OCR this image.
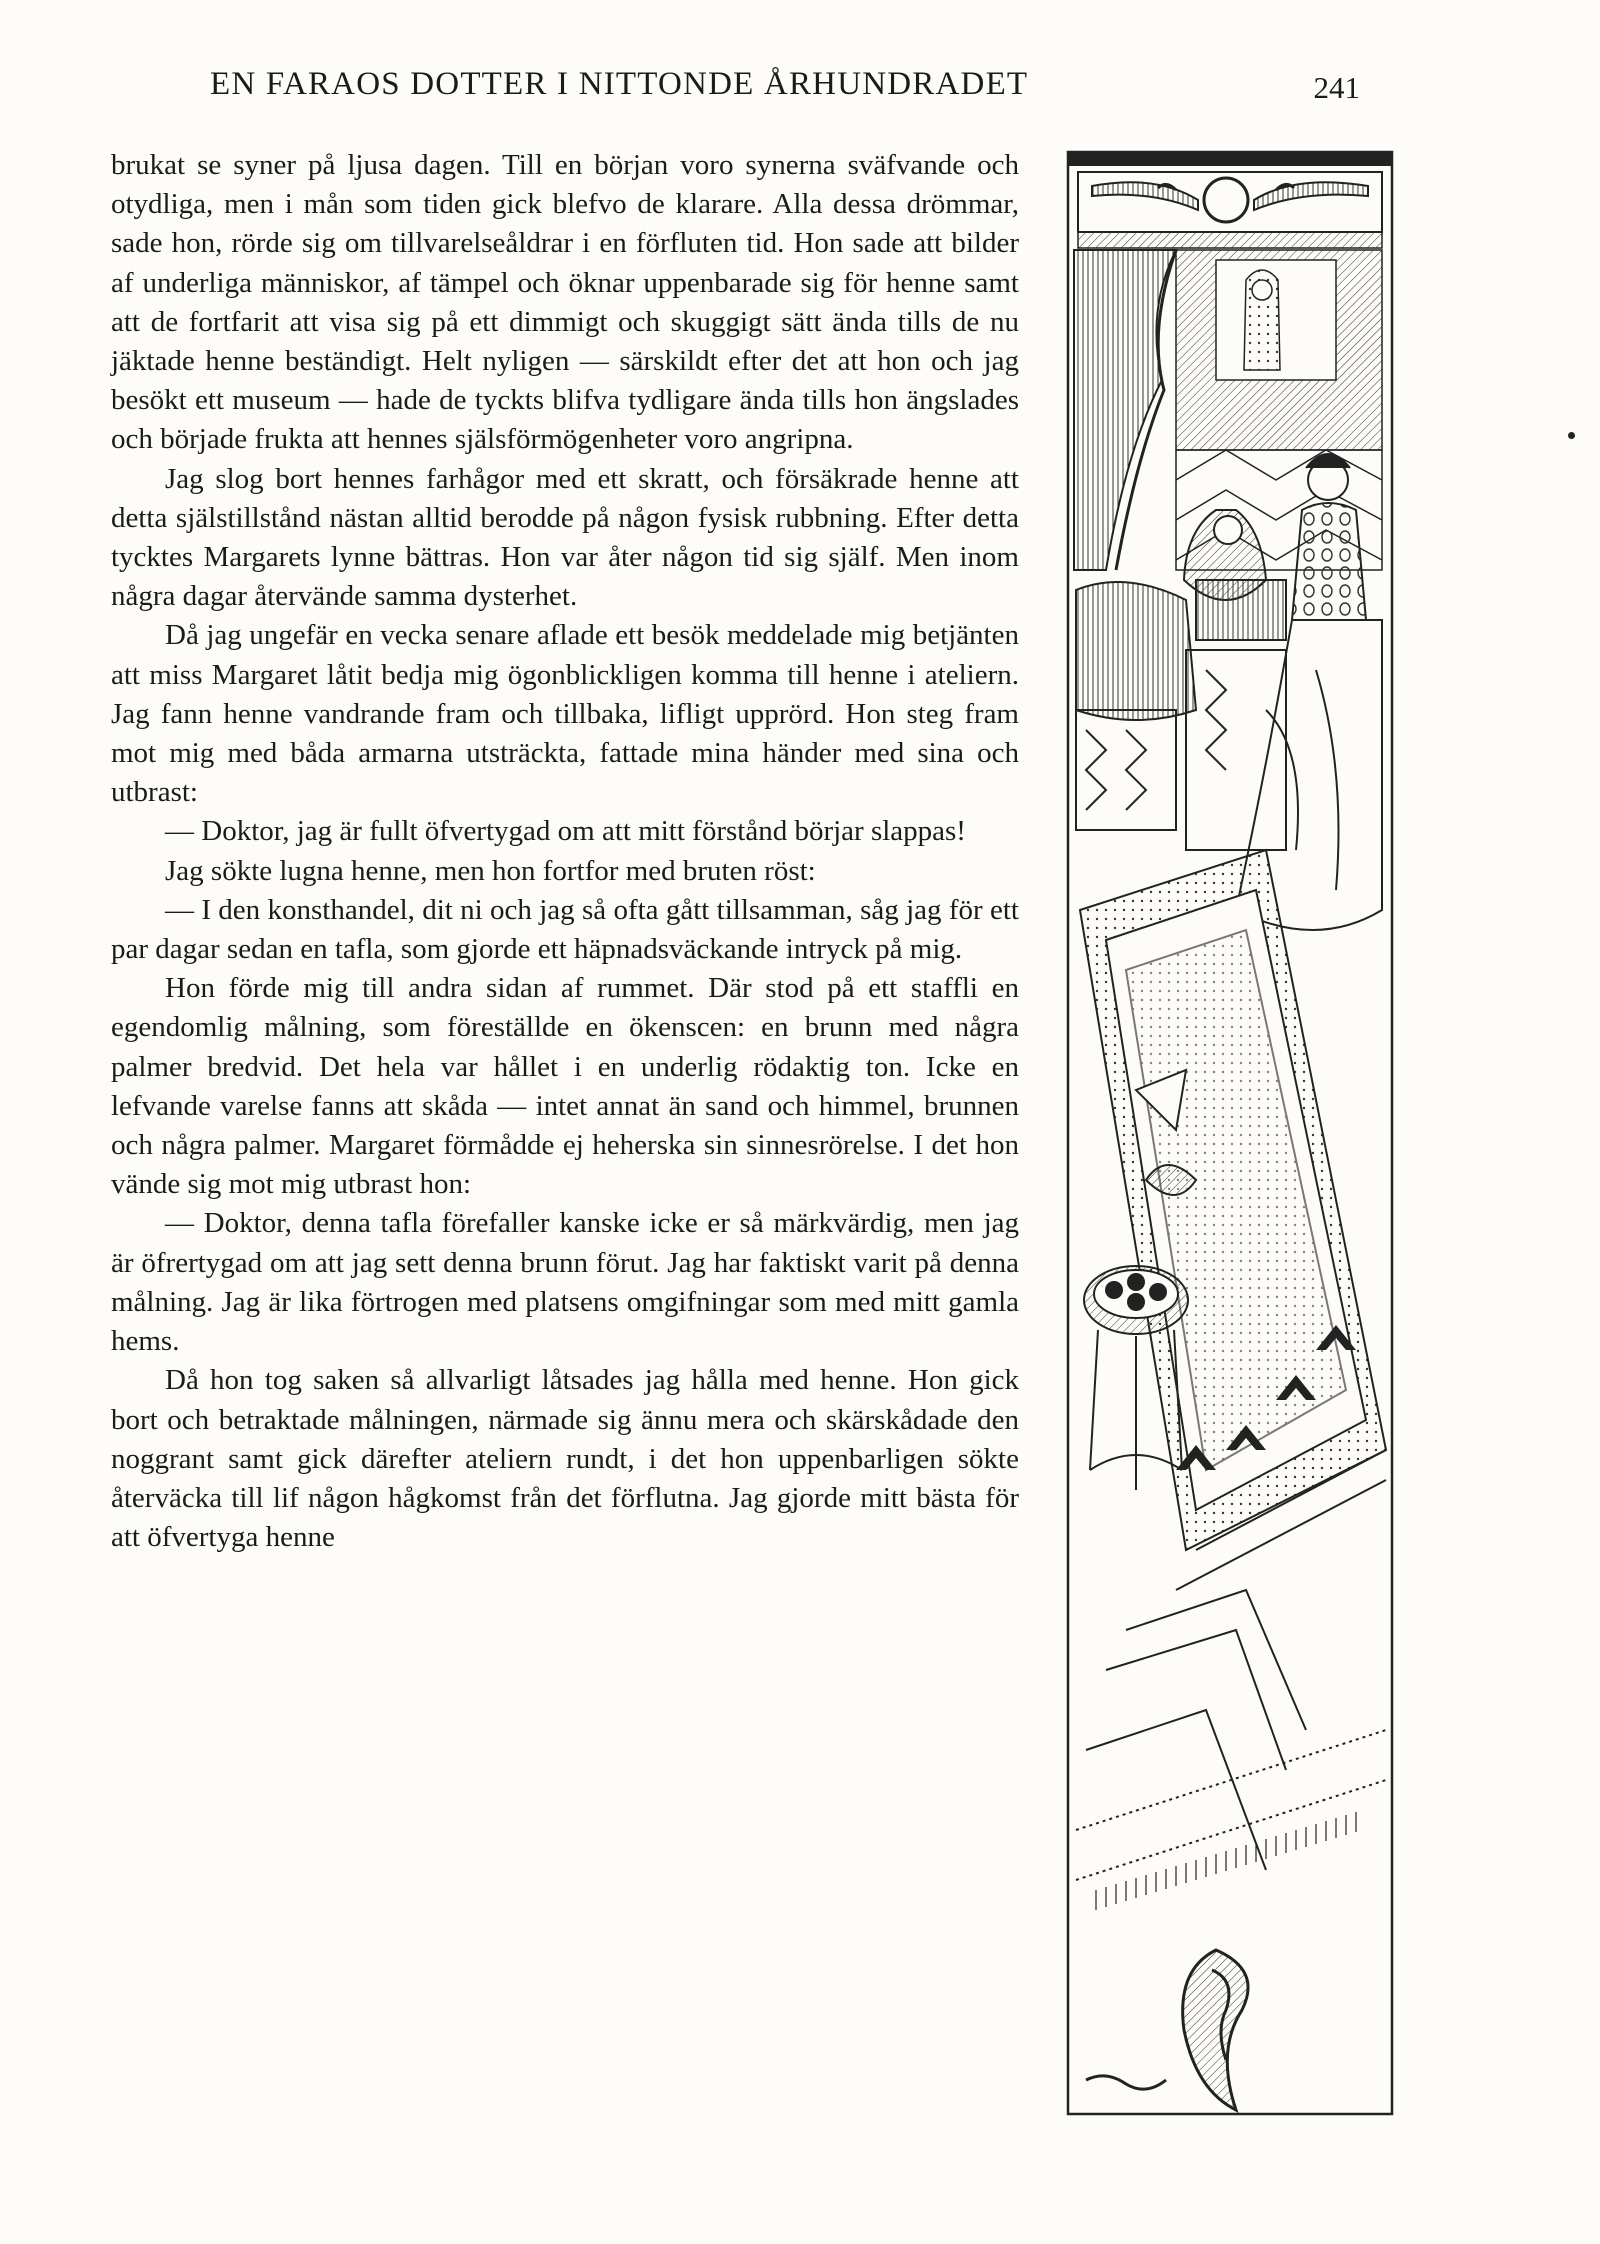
EN FARAOS DOTTER I NITTONDE ÅRHUNDRADET	241

brukat se syner på ljusa dagen. Till en början voro synerna sväfvande och otydliga, men i mån som tiden gick blefvo de klarare. Alla dessa drömmar, sade hon, rörde sig om tillvarelseåldrar i en förfluten tid. Hon sade att bilder af underliga människor, af tämpel och öknar uppenbarade sig för henne samt att de fortfarit att visa sig på ett dimmigt och skuggigt sätt ända tills de nu jäktade henne beständigt. Helt nyligen — särskildt efter det att hon och jag besökt ett museum — hade de tyckts blifva tydligare ända tills hon ängslades och började frukta att hennes själsförmögenheter voro angripna.

Jag slog bort hennes farhågor med ett skratt, och försäkrade henne att detta själstillstånd nästan alltid berodde på någon fysisk rubbning. Efter detta tycktes Margarets lynne bättras. Hon var åter någon tid sig själf. Men inom några dagar återvände samma dysterhet.

Då jag ungefär en vecka senare aflade ett besök meddelade mig betjänten att miss Margaret låtit bedja mig ögonblickligen komma till henne i ateliern. Jag fann henne vandrande fram och tillbaka, lifligt upprörd. Hon steg fram mot mig med båda armarna utsträckta, fattade mina händer med sina och utbrast:

— Doktor, jag är fullt öfvertygad om att mitt förstånd börjar slappas!

Jag sökte lugna henne, men hon fortfor med bruten röst:

— I den konsthandel, dit ni och jag så ofta gått tillsamman, såg jag för ett par dagar sedan en tafla, som gjorde ett häpnadsväckande intryck på mig.

Hon förde mig till andra sidan af rummet. Där stod på ett staffli en egendomlig målning, som föreställde en ökenscen: en brunn med några palmer bredvid. Det hela var hållet i en underlig rödaktig ton. Icke en lefvande varelse fanns att skåda — intet annat än sand och himmel, brunnen och några palmer. Margaret förmådde ej heherska sin sinnesrörelse. I det hon vände sig mot mig utbrast hon:

— Doktor, denna tafla förefaller kanske icke er så märkvärdig, men jag är öfrertygad om att jag sett denna brunn förut. Jag har faktiskt varit på denna målning. Jag är lika förtrogen med platsens omgifningar som med mitt gamla hems.

Då hon tog saken så allvarligt låtsades jag hålla med henne. Hon gick bort och betraktade målningen, närmade sig ännu mera och skärskådade den noggrant samt gick därefter ateliern rundt, i det hon uppenbarligen sökte återväcka till lif någon hågkomst från det förflutna. Jag gjorde mitt bästa för att öfvertyga henne
